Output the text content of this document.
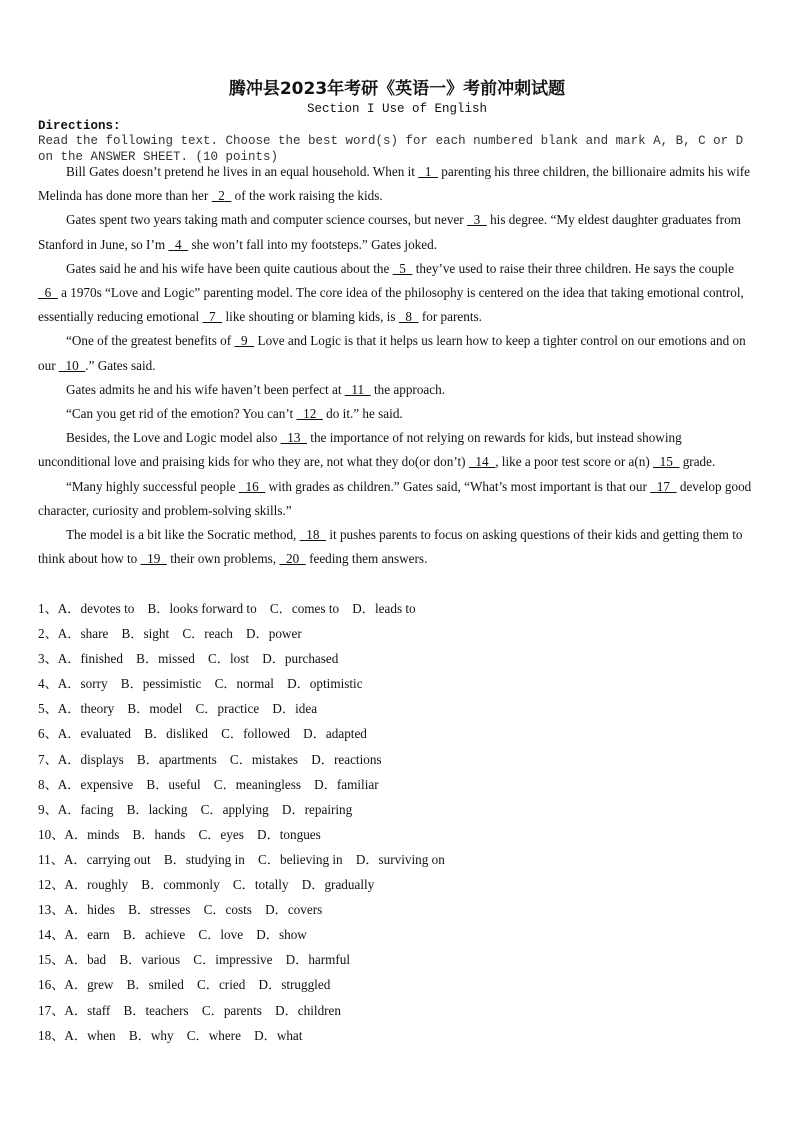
腾冲县2023年考研《英语一》考前冲刺试题
Section I Use of English
Directions:
Read the following text. Choose the best word(s) for each numbered blank and mark A, B, C or D on the ANSWER SHEET. (10 points)

Bill Gates doesn’t pretend he lives in an equal household. When it   1   parenting his three children, the billionaire admits his wife Melinda has done more than her   2   of the work raising the kids.

Gates spent two years taking math and computer science courses, but never   3   his degree. “My eldest daughter graduates from Stanford in June, so I’m   4   she won’t fall into my footsteps.” Gates joked.

Gates said he and his wife have been quite cautious about the   5   they’ve used to raise their three children. He says the couple   6   a 1970s “Love and Logic” parenting model. The core idea of the philosophy is centered on the idea that taking emotional control, essentially reducing emotional   7   like shouting or blaming kids, is   8   for parents.

“One of the greatest benefits of   9   Love and Logic is that it helps us learn how to keep a tighter control on our emotions and on our   10  .” Gates said.

Gates admits he and his wife haven’t been perfect at   11   the approach.

“Can you get rid of the emotion? You can’t   12   do it.” he said.

Besides, the Love and Logic model also   13   the importance of not relying on rewards for kids, but instead showing unconditional love and praising kids for who they are, not what they do(or don’t)   14  , like a poor test score or a(n)   15   grade.

“Many highly successful people   16   with grades as children.” Gates said, “What’s most important is that our   17   develop good character, curiosity and problem-solving skills.”

The model is a bit like the Socratic method,   18   it pushes parents to focus on asking questions of their kids and getting them to think about how to   19   their own problems,   20   feeding them answers.

1、A．devotes to    B．looks forward to    C．comes to    D．leads to
2、A．share    B．sight    C．reach    D．power
3、A．finished    B．missed    C．lost    D．purchased
4、A．sorry    B．pessimistic    C．normal    D．optimistic
5、A．theory    B．model    C．practice    D．idea
6、A．evaluated    B．disliked    C．followed    D．adapted
7、A．displays    B．apartments    C．mistakes    D．reactions
8、A．expensive    B．useful    C．meaningless    D．familiar
9、A．facing    B．lacking    C．applying    D．repairing
10、A．minds    B．hands    C．eyes    D．tongues
11、A．carrying out    B．studying in    C．believing in    D．surviving on
12、A．roughly    B．commonly    C．totally    D．gradually
13、A．hides    B．stresses    C．costs    D．covers
14、A．earn    B．achieve    C．love    D．show
15、A．bad    B．various    C．impressive    D．harmful
16、A．grew    B．smiled    C．cried    D．struggled
17、A．staff    B．teachers    C．parents    D．children
18、A．when    B．why    C．where    D．what
